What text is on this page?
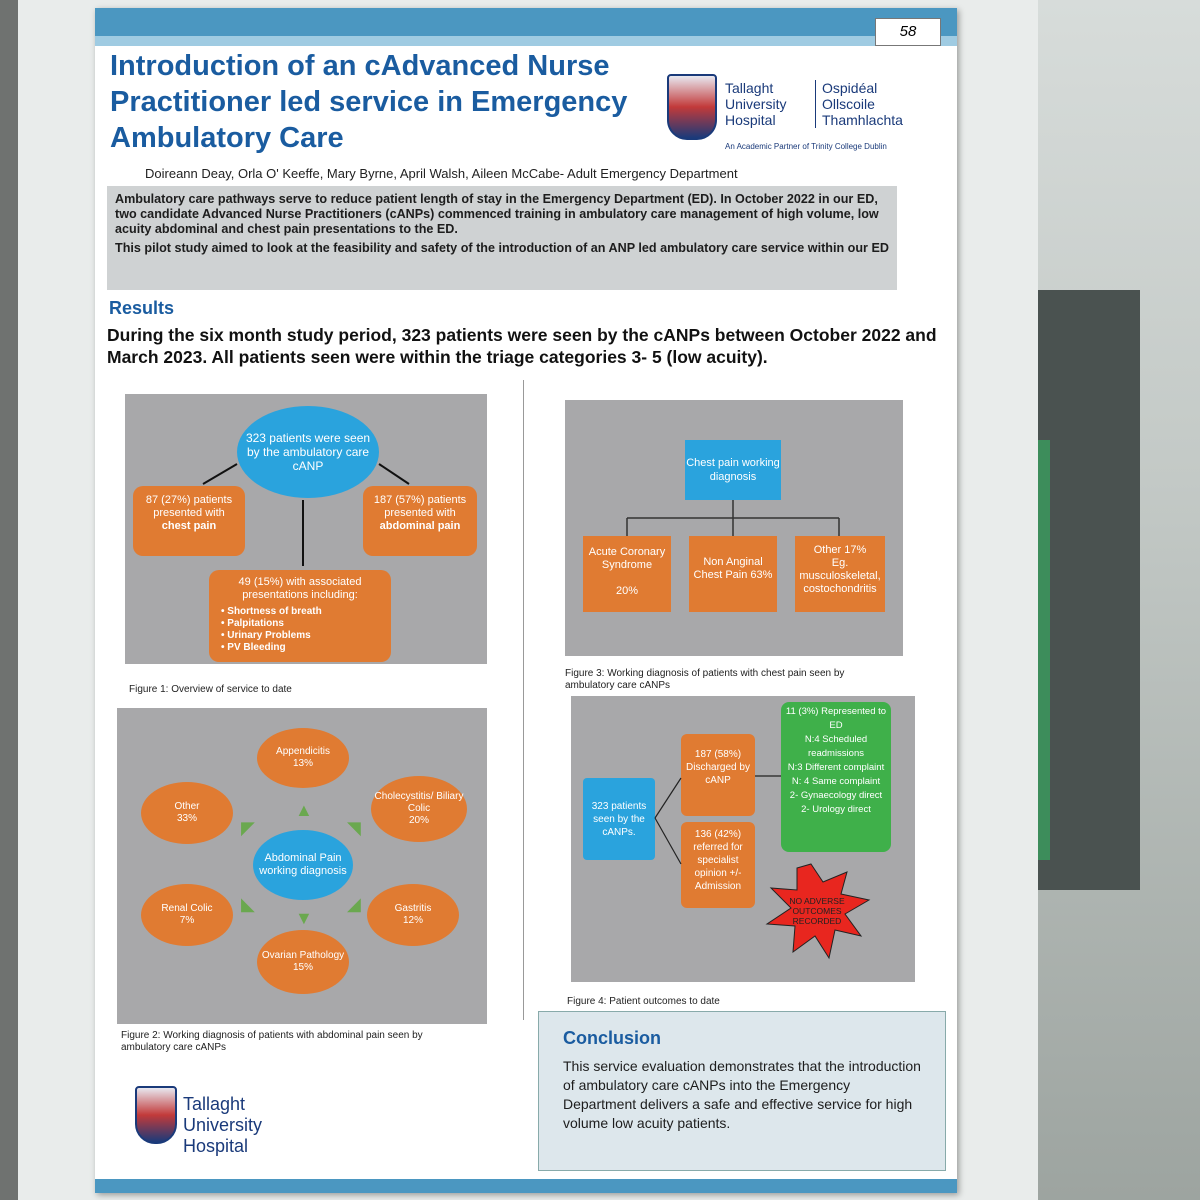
58
Introduction of an cAdvanced Nurse Practitioner led service in Emergency Ambulatory Care
Tallaght
University
Hospital
Ospidéal
Ollscoile
Thamhlachta
An Academic Partner of Trinity College Dublin
Doireann Deay, Orla O' Keeffe, Mary Byrne, April Walsh, Aileen McCabe- Adult Emergency Department

Ambulatory care pathways serve to reduce patient length of stay in the Emergency Department (ED). In October 2022 in our ED, two candidate Advanced Nurse Practitioners (cANPs) commenced training in ambulatory care management of high volume, low acuity abdominal and chest pain presentations to the ED.

This pilot study aimed to look at the feasibility and safety of the introduction of an ANP led ambulatory care service within our ED

Results
During the six month study period, 323 patients were seen by the cANPs between October 2022 and March 2023. All patients seen were within the triage categories 3- 5 (low acuity).
323 patients were seen by the ambulatory care cANP
87 (27%) patients presented with
chest pain
187 (57%) patients presented with
abdominal pain
49 (15%) with associated presentations including:
• Shortness of breath
• Palpitations
• Urinary Problems
• PV Bleeding
Figure 1: Overview of service to date
Abdominal Pain working diagnosis
Appendicitis
13%
Cholecystitis/ Biliary Colic
20%
Gastritis
12%
Ovarian Pathology
15%
Renal Colic
7%
Other
33%	▲
◥
◢
▼
◣
◤
Figure 2: Working diagnosis of patients with abdominal pain seen by ambulatory care cANPs
Chest pain working diagnosis
Acute Coronary Syndrome

20%
Non Anginal Chest Pain 63%
Other 17%
Eg. musculoskeletal, costochondritis
Figure 3: Working diagnosis of patients with chest pain seen by ambulatory care cANPs
323 patients seen by the cANPs.
187 (58%) Discharged by cANP
136 (42%) referred for specialist opinion +/- Admission
11 (3%) Represented to ED
N:4 Scheduled readmissions
N:3 Different complaint
N: 4 Same complaint
2- Gynaecology direct
2- Urology direct
NO ADVERSE OUTCOMES RECORDED
Figure 4: Patient outcomes to date
Conclusion

This service evaluation demonstrates that the introduction of ambulatory care cANPs into the Emergency Department delivers a safe and effective service for high volume low acuity patients.

Tallaght
University
Hospital
